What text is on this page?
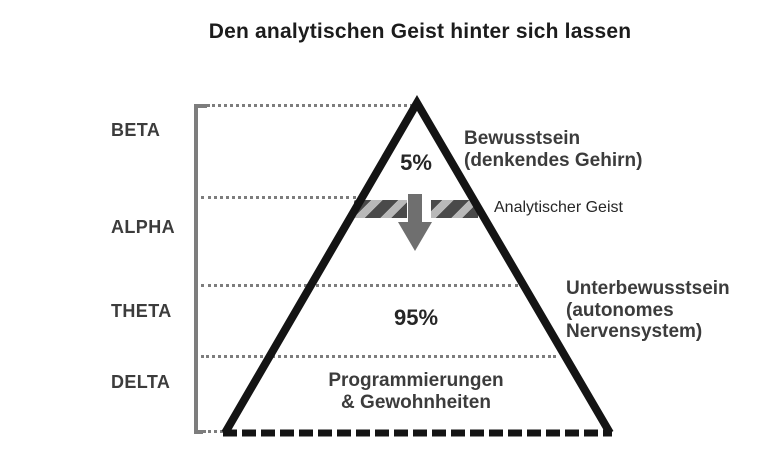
Den analytischen Geist hinter sich lassen
BETA
ALPHA
THETA
DELTA
5%
95%
Programmierungen
& Gewohnheiten
Bewusstsein
(denkendes Gehirn)
Analytischer Geist
Unterbewusstsein
(autonomes
Nervensystem)
